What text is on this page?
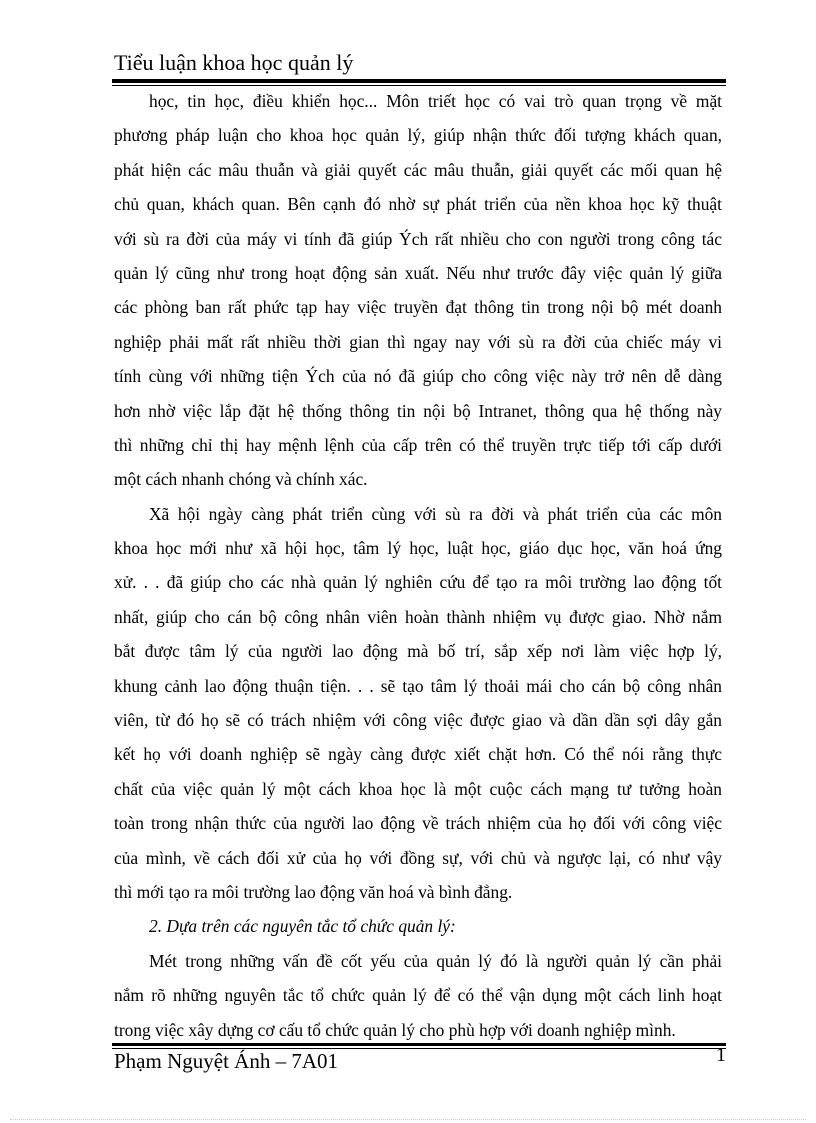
Tiểu luận khoa học quản lý
học, tin học, điều khiển học... Môn triết học có vai trò quan trọng về mặt
phương pháp luận cho khoa học quản lý, giúp nhận thức đối tượng khách quan,
phát hiện các mâu thuẫn và giải quyết các mâu thuẫn, giải quyết các mối quan hệ
chủ quan, khách quan. Bên cạnh đó nhờ sự phát triển của nền khoa học kỹ thuật
với sù ra đời của máy vi tính đã giúp Ých rất nhiều cho con người trong công tác
quản lý cũng như trong hoạt động sản xuất. Nếu như trước đây việc quản lý giữa
các phòng ban rất phức tạp hay việc truyền đạt thông tin trong nội bộ mét doanh
nghiệp phải mất rất nhiều thời gian thì ngay nay với sù ra đời của chiếc máy vi
tính cùng với những tiện Ých của nó đã giúp cho công việc này trở nên dễ dàng
hơn nhờ việc lắp đặt hệ thống thông tin nội bộ Intranet, thông qua hệ thống này
thì những chỉ thị hay mệnh lệnh của cấp trên có thể truyền trực tiếp tới cấp dưới
một cách nhanh chóng và chính xác.
Xã hội ngày càng phát triển cùng với sù ra đời và phát triển của các môn
khoa học mới như xã hội học, tâm lý học, luật học, giáo dục học, văn hoá ứng
xử. . . đã giúp cho các nhà quản lý nghiên cứu để tạo ra môi trường lao động tốt
nhất, giúp cho cán bộ công nhân viên hoàn thành nhiệm vụ được giao. Nhờ nắm
bắt được tâm lý của người lao động mà bố trí, sắp xếp nơi làm việc hợp lý,
khung cảnh lao động thuận tiện. . . sẽ tạo tâm lý thoải mái cho cán bộ công nhân
viên, từ đó họ sẽ có trách nhiệm với công việc được giao và dần dần sợi dây gắn
kết họ với doanh nghiệp sẽ ngày càng được xiết chặt hơn. Có thể nói rằng thực
chất của việc quản lý một cách khoa học là một cuộc cách mạng tư tưởng hoàn
toàn trong nhận thức của người lao động về trách nhiệm của họ đối với công việc
của mình, về cách đối xử của họ với đồng sự, với chủ và ngược lại, có như vậy
thì mới tạo ra môi trường lao động văn hoá và bình đẳng.
2. Dựa trên các nguyên tắc tổ chức quản lý:
Mét trong những vấn đề cốt yếu của quản lý đó là người quản lý cần phải
nắm rõ những nguyên tắc tổ chức quản lý để có thể vận dụng một cách linh hoạt
trong việc xây dựng cơ cấu tổ chức quản lý cho phù hợp với doanh nghiệp mình.
Phạm Nguyệt Ánh – 7A01	1
